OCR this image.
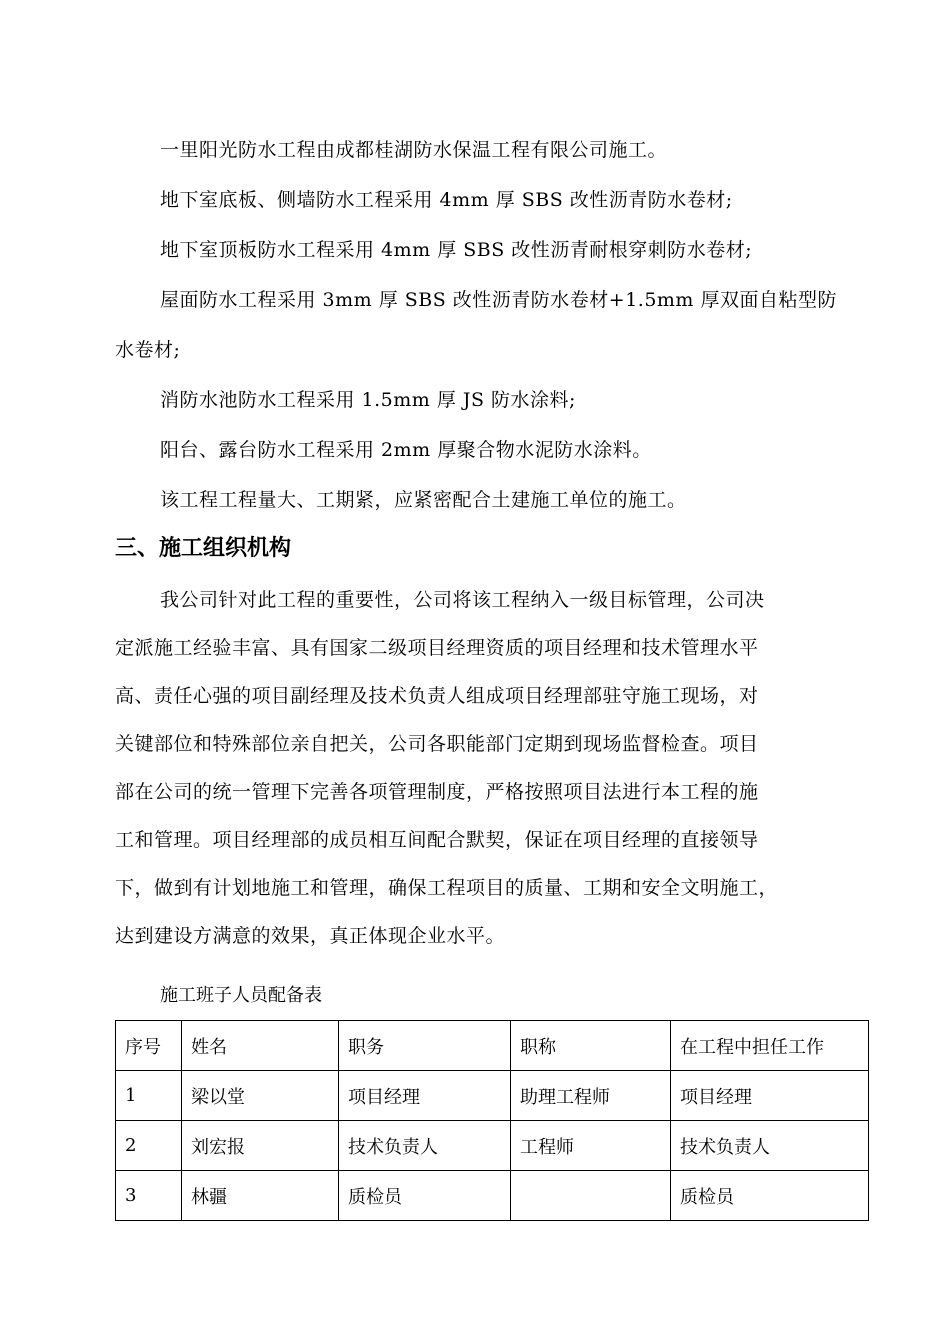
一里阳光防水工程由成都桂湖防水保温工程有限公司施工。
地下室底板、侧墙防水工程采用 4mm 厚 SBS 改性沥青防水卷材;
地下室顶板防水工程采用 4mm 厚 SBS 改性沥青耐根穿刺防水卷材;
屋面防水工程采用 3mm 厚 SBS 改性沥青防水卷材+1.5mm 厚双面自粘型防
水卷材;
消防水池防水工程采用 1.5mm 厚 JS 防水涂料;
阳台、露台防水工程采用 2mm 厚聚合物水泥防水涂料。
该工程工程量大、工期紧，应紧密配合土建施工单位的施工。
三、施工组织机构
我公司针对此工程的重要性，公司将该工程纳入一级目标管理，公司决
定派施工经验丰富、具有国家二级项目经理资质的项目经理和技术管理水平
高、责任心强的项目副经理及技术负责人组成项目经理部驻守施工现场，对
关键部位和特殊部位亲自把关，公司各职能部门定期到现场监督检查。项目
部在公司的统一管理下完善各项管理制度，严格按照项目法进行本工程的施
工和管理。项目经理部的成员相互间配合默契，保证在项目经理的直接领导
下，做到有计划地施工和管理，确保工程项目的质量、工期和安全文明施工，
达到建设方满意的效果，真正体现企业水平。
施工班子人员配备表
序号	姓名	职务	职称	在工程中担任工作
1	梁以堂	项目经理	助理工程师	项目经理
2	刘宏报	技术负责人	工程师	技术负责人
3	林疆	质检员		质检员
